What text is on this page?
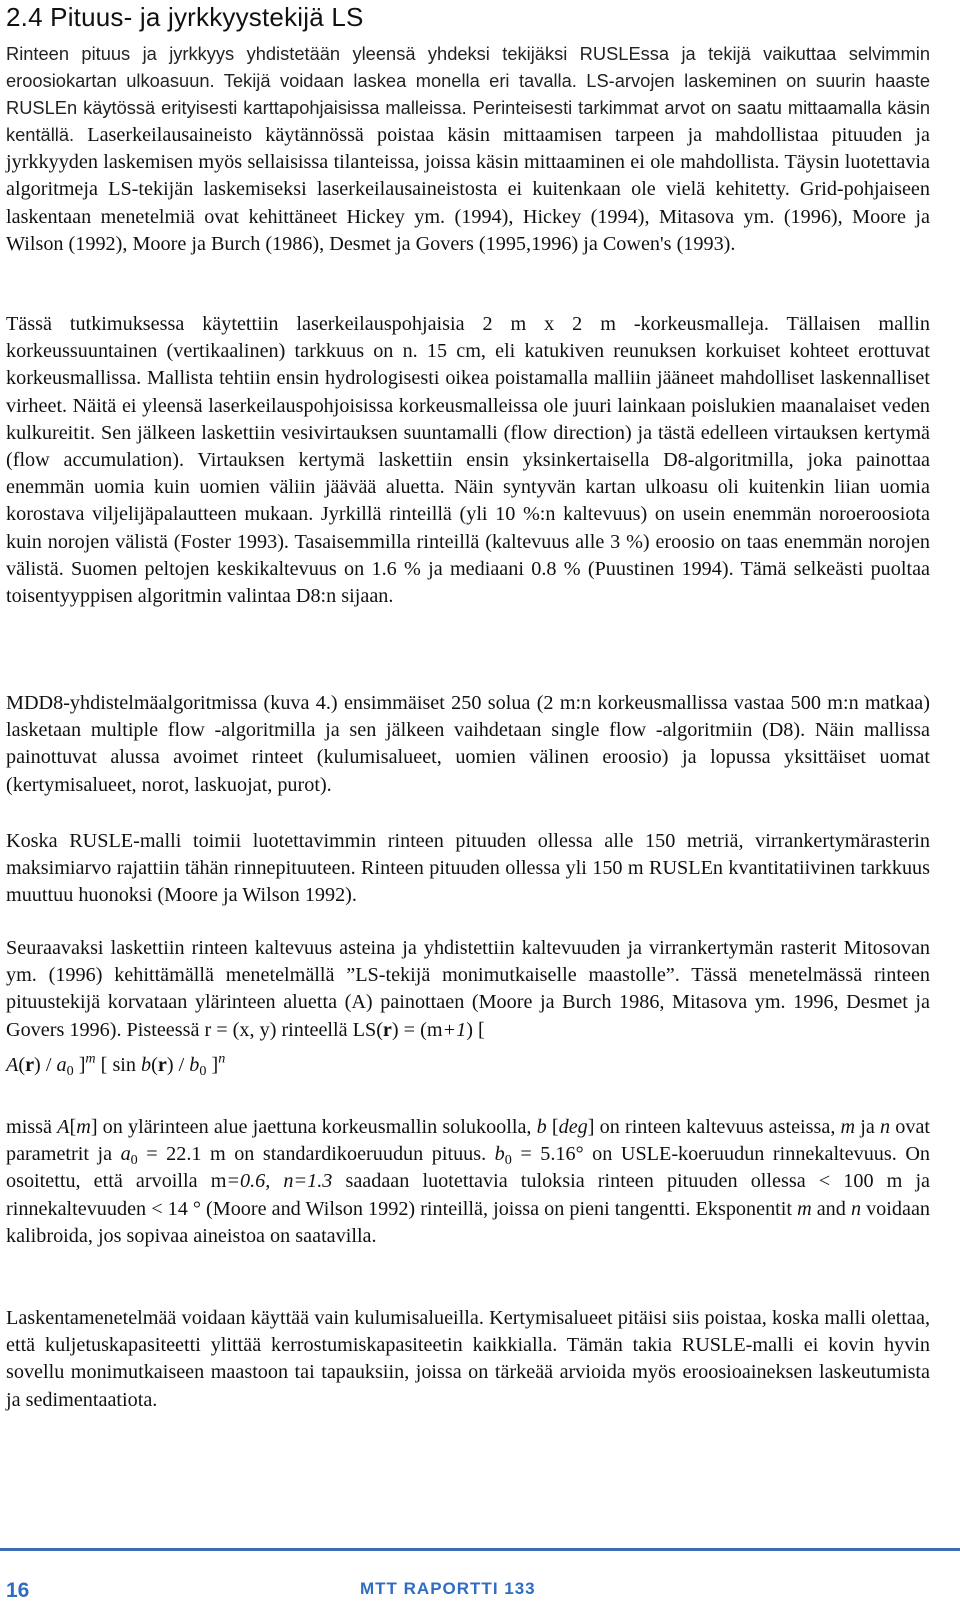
2.4 Pituus- ja jyrkkyystekijä LS

Rinteen pituus ja jyrkkyys yhdistetään yleensä yhdeksi tekijäksi RUSLEssa ja tekijä vaikuttaa selvimmin eroosiokartan ulkoasuun. Tekijä voidaan laskea monella eri tavalla. LS-arvojen laskeminen on suurin haaste RUSLEn käytössä erityisesti karttapohjaisissa malleissa. Perinteisesti tarkimmat arvot on saatu mittaamalla käsin kentällä. Laserkeilausaineisto käytännössä poistaa käsin mittaamisen tarpeen ja mahdollistaa pituuden ja jyrkkyyden laskemisen myös sellaisissa tilanteissa, joissa käsin mittaaminen ei ole mahdollista. Täysin luotettavia algoritmeja LS-tekijän laskemiseksi laserkeilausaineistosta ei kuitenkaan ole vielä kehitetty. Grid-pohjaiseen laskentaan menetelmiä ovat kehittäneet Hickey ym. (1994), Hickey (1994), Mitasova ym. (1996), Moore ja Wilson (1992), Moore ja Burch (1986), Desmet ja Govers (1995,1996) ja Cowen's (1993).

Tässä tutkimuksessa käytettiin laserkeilauspohjaisia 2 m x 2 m -korkeusmalleja. Tällaisen mallin korkeussuuntainen (vertikaalinen) tarkkuus on n. 15 cm, eli katukiven reunuksen korkuiset kohteet erottuvat korkeusmallissa. Mallista tehtiin ensin hydrologisesti oikea poistamalla malliin jääneet mahdolliset laskennalliset virheet. Näitä ei yleensä laserkeilauspohjoisissa korkeusmalleissa ole juuri lainkaan poislukien maanalaiset veden kulkureitit. Sen jälkeen laskettiin vesivirtauksen suuntamalli (flow direction) ja tästä edelleen virtauksen kertymä (flow accumulation). Virtauksen kertymä laskettiin ensin yksinkertaisella D8-algoritmilla, joka painottaa enemmän uomia kuin uomien väliin jäävää aluetta. Näin syntyvän kartan ulkoasu oli kuitenkin liian uomia korostava viljelijäpalautteen mukaan. Jyrkillä rinteillä (yli 10 %:n kaltevuus) on usein enemmän noroeroosiota kuin norojen välistä (Foster 1993). Tasaisemmilla rinteillä (kaltevuus alle 3 %) eroosio on taas enemmän norojen välistä. Suomen peltojen keskikaltevuus on 1.6 % ja mediaani 0.8 % (Puustinen 1994). Tämä selkeästi puoltaa toisentyyppisen algoritmin valintaa D8:n sijaan.

MDD8-yhdistelmäalgoritmissa (kuva 4.) ensimmäiset 250 solua (2 m:n korkeusmallissa vastaa 500 m:n matkaa) lasketaan multiple flow -algoritmilla ja sen jälkeen vaihdetaan single flow -algoritmiin (D8). Näin mallissa painottuvat alussa avoimet rinteet (kulumisalueet, uomien välinen eroosio) ja lopussa yksittäiset uomat (kertymisalueet, norot, laskuojat, purot).

Koska RUSLE-malli toimii luotettavimmin rinteen pituuden ollessa alle 150 metriä, virrankertymärasterin maksimiarvo rajattiin tähän rinnepituuteen. Rinteen pituuden ollessa yli 150 m RUSLEn kvantitatiivinen tarkkuus muuttuu huonoksi (Moore ja Wilson 1992).

Seuraavaksi laskettiin rinteen kaltevuus asteina ja yhdistettiin kaltevuuden ja virrankertymän rasterit Mitosovan ym. (1996) kehittämällä menetelmällä ”LS-tekijä monimutkaiselle maastolle”. Tässä menetelmässä rinteen pituustekijä korvataan ylärinteen aluetta (A) painottaen (Moore ja Burch 1986, Mitasova ym. 1996, Desmet ja Govers 1996). Pisteessä r = (x, y) rinteellä LS(r) = (m+1) [
$A(r) / a_0$ ]$^m$ [ $\sin b(r) / b_0$ ]$^n$

missä A[m] on ylärinteen alue jaettuna korkeusmallin solukoolla, b [deg] on rinteen kaltevuus asteissa, m ja n ovat parametrit ja $a_0 = 22.1$ m on standardikoeruudun pituus. $b_0 = 5.16^\circ$ on USLE-koeruudun rinnekaltevuus. On osoitettu, että arvoilla m=0.6, n=1.3 saadaan luotettavia tuloksia rinteen pituuden ollessa < 100 m ja rinnekaltevuuden < 14 ° (Moore and Wilson 1992) rinteillä, joissa on pieni tangentti. Eksponentit m and n voidaan kalibroida, jos sopivaa aineistoa on saatavilla.

Laskentamenetelmää voidaan käyttää vain kulumisalueilla. Kertymisalueet pitäisi siis poistaa, koska malli olettaa, että kuljetuskapasiteetti ylittää kerrostumiskapasiteetin kaikkialla. Tämän takia RUSLE-malli ei kovin hyvin sovellu monimutkaiseen maastoon tai tapauksiin, joissa on tärkeää arvioida myös eroosioaineksen laskeutumista ja sedimentaatiota.

16	MTT RAPORTTI 133
